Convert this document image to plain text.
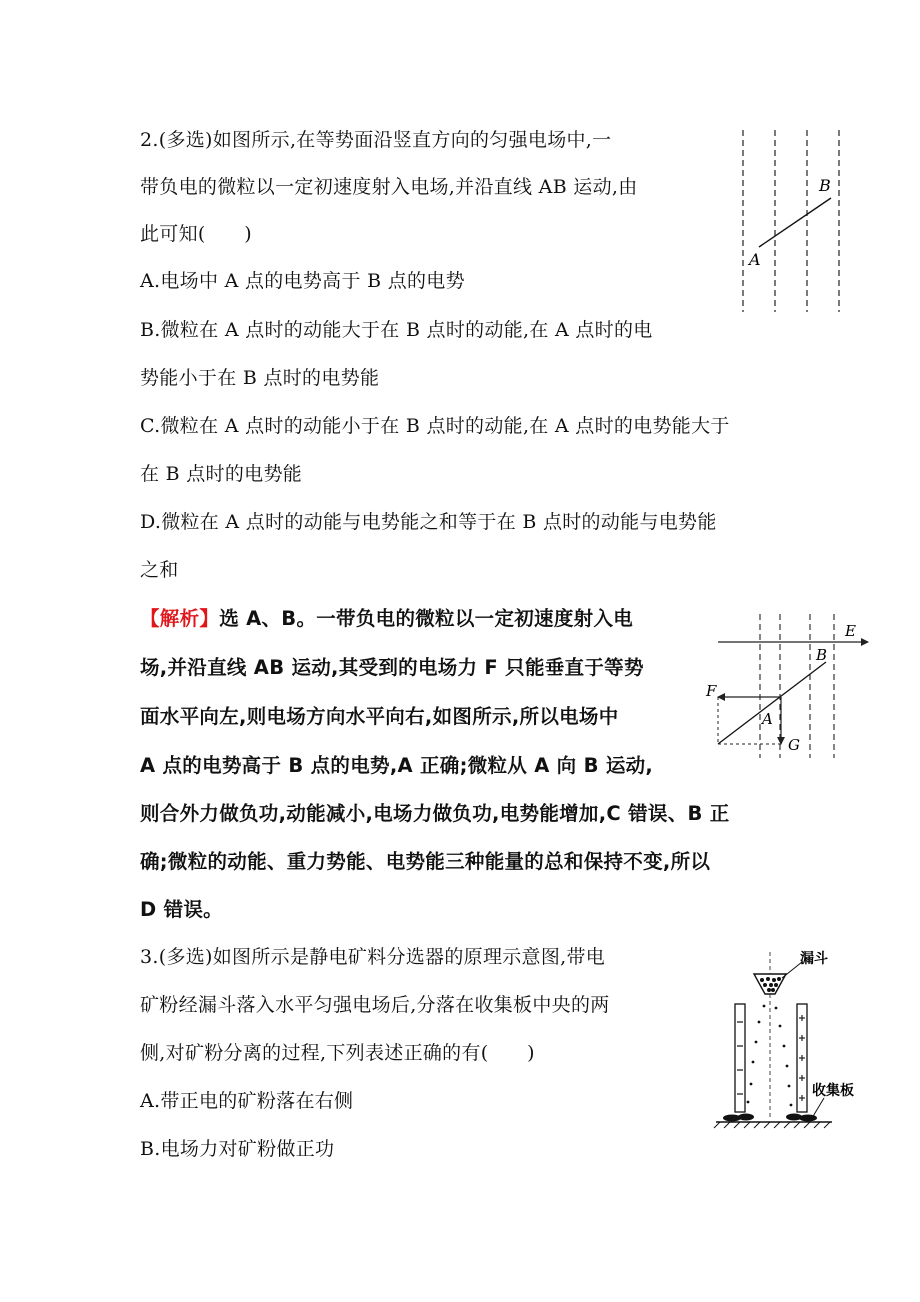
2.(多选)如图所示,在等势面沿竖直方向的匀强电场中,一
带负电的微粒以一定初速度射入电场,并沿直线 AB 运动,由
此可知(　　)
A.电场中 A 点的电势高于 B 点的电势
B.微粒在 A 点时的动能大于在 B 点时的动能,在 A 点时的电
势能小于在 B 点时的电势能
C.微粒在 A 点时的动能小于在 B 点时的动能,在 A 点时的电势能大于
在 B 点时的电势能
D.微粒在 A 点时的动能与电势能之和等于在 B 点时的动能与电势能
之和
A
B
【解析】选 A、B。一带负电的微粒以一定初速度射入电
场,并沿直线 AB 运动,其受到的电场力 F 只能垂直于等势
面水平向左,则电场方向水平向右,如图所示,所以电场中
A 点的电势高于 B 点的电势,A 正确;微粒从 A 向 B 运动,
则合外力做负功,动能减小,电场力做负功,电势能增加,C 错误、B 正
确;微粒的动能、重力势能、电势能三种能量的总和保持不变,所以
D 错误。
E
B
F
G
A
3.(多选)如图所示是静电矿料分选器的原理示意图,带电
矿粉经漏斗落入水平匀强电场后,分落在收集板中央的两
侧,对矿粉分离的过程,下列表述正确的有(　　)
A.带正电的矿粉落在右侧
B.电场力对矿粉做正功
漏斗
收集板
